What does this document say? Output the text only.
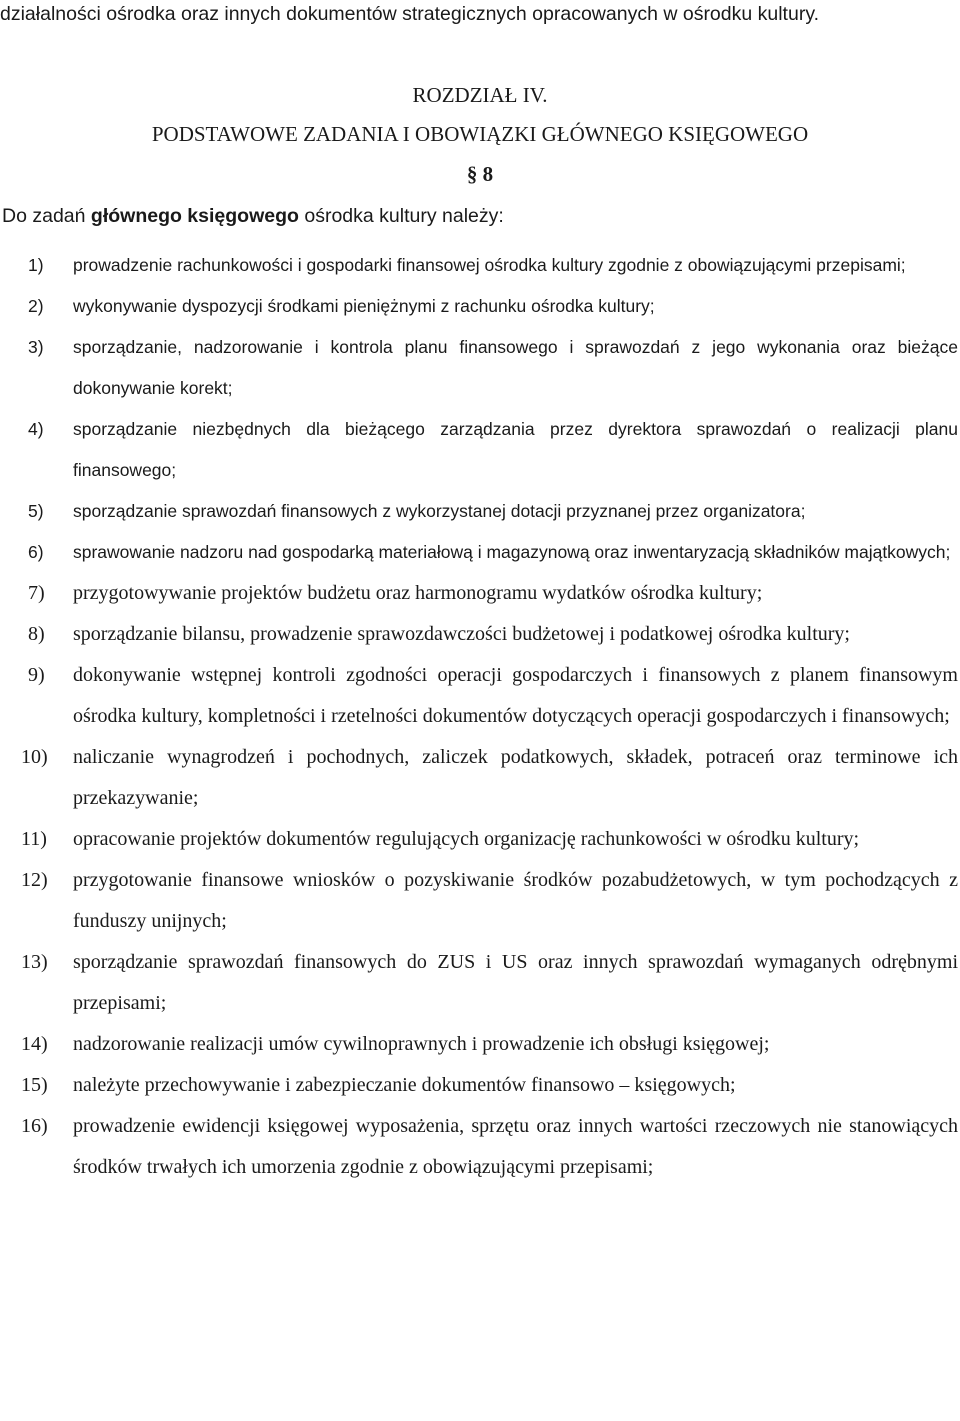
działalności ośrodka oraz innych dokumentów strategicznych opracowanych w ośrodku kultury.
ROZDZIAŁ IV.
PODSTAWOWE ZADANIA I OBOWIĄZKI GŁÓWNEGO KSIĘGOWEGO
§ 8
Do zadań głównego księgowego ośrodka kultury należy:
1) prowadzenie rachunkowości i gospodarki finansowej ośrodka kultury zgodnie z obowiązującymi przepisami;
2) wykonywanie dyspozycji środkami pieniężnymi z rachunku ośrodka kultury;
3) sporządzanie, nadzorowanie i kontrola planu finansowego i sprawozdań z jego wykonania oraz bieżące dokonywanie korekt;
4) sporządzanie niezbędnych dla bieżącego zarządzania przez dyrektora sprawozdań o realizacji planu finansowego;
5) sporządzanie sprawozdań finansowych z wykorzystanej dotacji przyznanej przez organizatora;
6) sprawowanie nadzoru nad gospodarką materiałową i magazynową oraz inwentaryzacją składników majątkowych;
7) przygotowywanie projektów budżetu oraz harmonogramu wydatków ośrodka kultury;
8) sporządzanie bilansu, prowadzenie sprawozdawczości budżetowej i podatkowej ośrodka kultury;
9) dokonywanie wstępnej kontroli zgodności operacji gospodarczych i finansowych z planem finansowym ośrodka kultury, kompletności i rzetelności dokumentów dotyczących operacji gospodarczych i finansowych;
10) naliczanie wynagrodzeń i pochodnych, zaliczek podatkowych, składek, potraceń oraz terminowe ich przekazywanie;
11) opracowanie projektów dokumentów regulujących organizację rachunkowości w ośrodku kultury;
12) przygotowanie finansowe wniosków o pozyskiwanie środków pozabudżetowych, w tym pochodzących z funduszy unijnych;
13) sporządzanie sprawozdań finansowych do ZUS i US oraz innych sprawozdań wymaganych odrębnymi przepisami;
14) nadzorowanie realizacji umów cywilnoprawnych i prowadzenie ich obsługi księgowej;
15) należyte przechowywanie i zabezpieczanie dokumentów finansowo – księgowych;
16) prowadzenie ewidencji księgowej wyposażenia, sprzętu oraz innych wartości rzeczowych nie stanowiących środków trwałych ich umorzenia zgodnie z obowiązującymi przepisami;
